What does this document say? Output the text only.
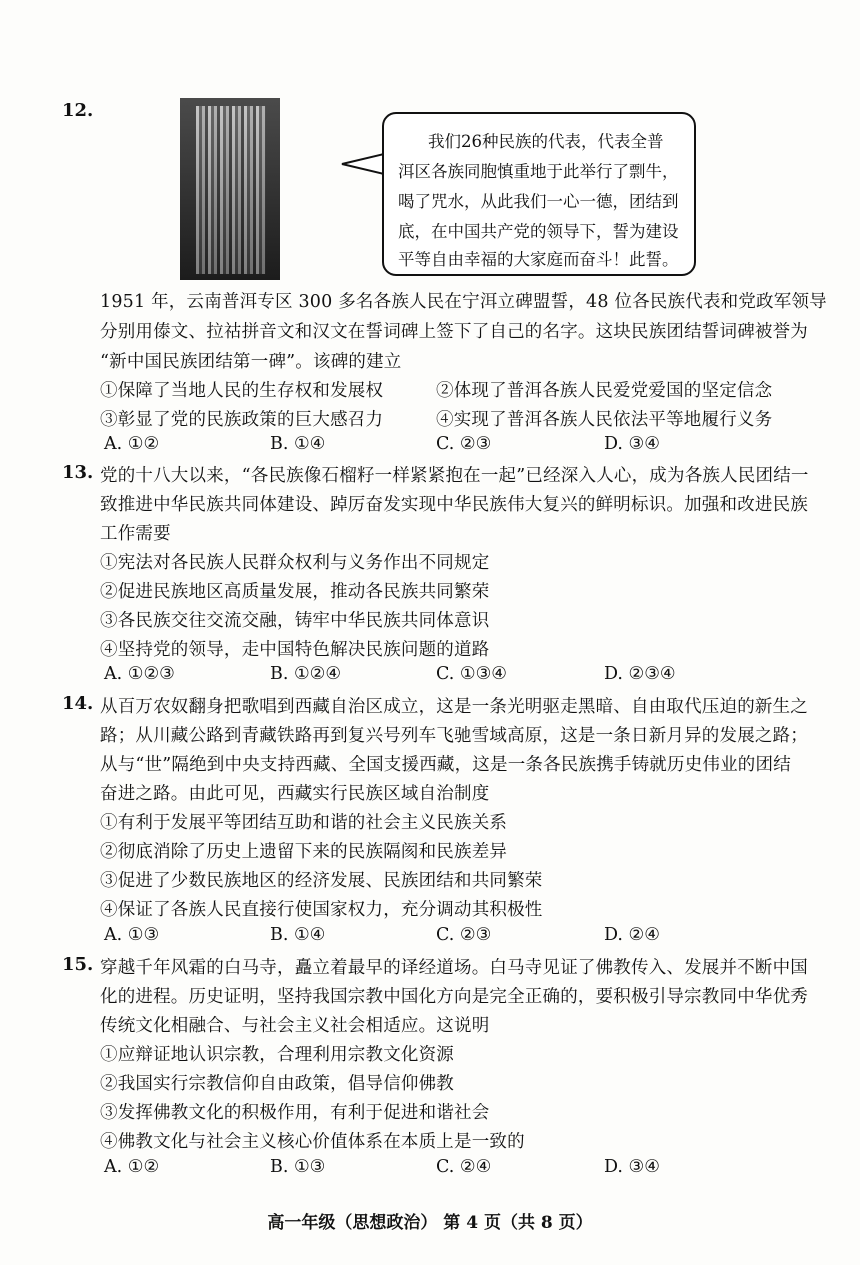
12.
我们26种民族的代表，代表全普
洱区各族同胞慎重地于此举行了剽牛，
喝了咒水，从此我们一心一德，团结到
底，在中国共产党的领导下，誓为建设
平等自由幸福的大家庭而奋斗！此誓。
1951 年，云南普洱专区 300 多名各族人民在宁洱立碑盟誓，48 位各民族代表和党政军领导
分别用傣文、拉祜拼音文和汉文在誓词碑上签下了自己的名字。这块民族团结誓词碑被誉为
“新中国民族团结第一碑”。该碑的建立
①保障了当地人民的生存权和发展权	②体现了普洱各族人民爱党爱国的坚定信念
③彰显了党的民族政策的巨大感召力	④实现了普洱各族人民依法平等地履行义务
A. ①②	B. ①④	C. ②③	D. ③④
13. 党的十八大以来，“各民族像石榴籽一样紧紧抱在一起”已经深入人心，成为各族人民团结一
致推进中华民族共同体建设、踔厉奋发实现中华民族伟大复兴的鲜明标识。加强和改进民族
工作需要
①宪法对各民族人民群众权利与义务作出不同规定
②促进民族地区高质量发展，推动各民族共同繁荣
③各民族交往交流交融，铸牢中华民族共同体意识
④坚持党的领导，走中国特色解决民族问题的道路
A. ①②③	B. ①②④	C. ①③④	D. ②③④
14. 从百万农奴翻身把歌唱到西藏自治区成立，这是一条光明驱走黑暗、自由取代压迫的新生之
路；从川藏公路到青藏铁路再到复兴号列车飞驰雪域高原，这是一条日新月异的发展之路；
从与“世”隔绝到中央支持西藏、全国支援西藏，这是一条各民族携手铸就历史伟业的团结
奋进之路。由此可见，西藏实行民族区域自治制度
①有利于发展平等团结互助和谐的社会主义民族关系
②彻底消除了历史上遗留下来的民族隔阂和民族差异
③促进了少数民族地区的经济发展、民族团结和共同繁荣
④保证了各族人民直接行使国家权力，充分调动其积极性
A. ①③	B. ①④	C. ②③	D. ②④
15. 穿越千年风霜的白马寺，矗立着最早的译经道场。白马寺见证了佛教传入、发展并不断中国
化的进程。历史证明，坚持我国宗教中国化方向是完全正确的，要积极引导宗教同中华优秀
传统文化相融合、与社会主义社会相适应。这说明
①应辩证地认识宗教，合理利用宗教文化资源
②我国实行宗教信仰自由政策，倡导信仰佛教
③发挥佛教文化的积极作用，有利于促进和谐社会
④佛教文化与社会主义核心价值体系在本质上是一致的
A. ①②	B. ①③	C. ②④	D. ③④
高一年级（思想政治） 第 4 页（共 8 页）
